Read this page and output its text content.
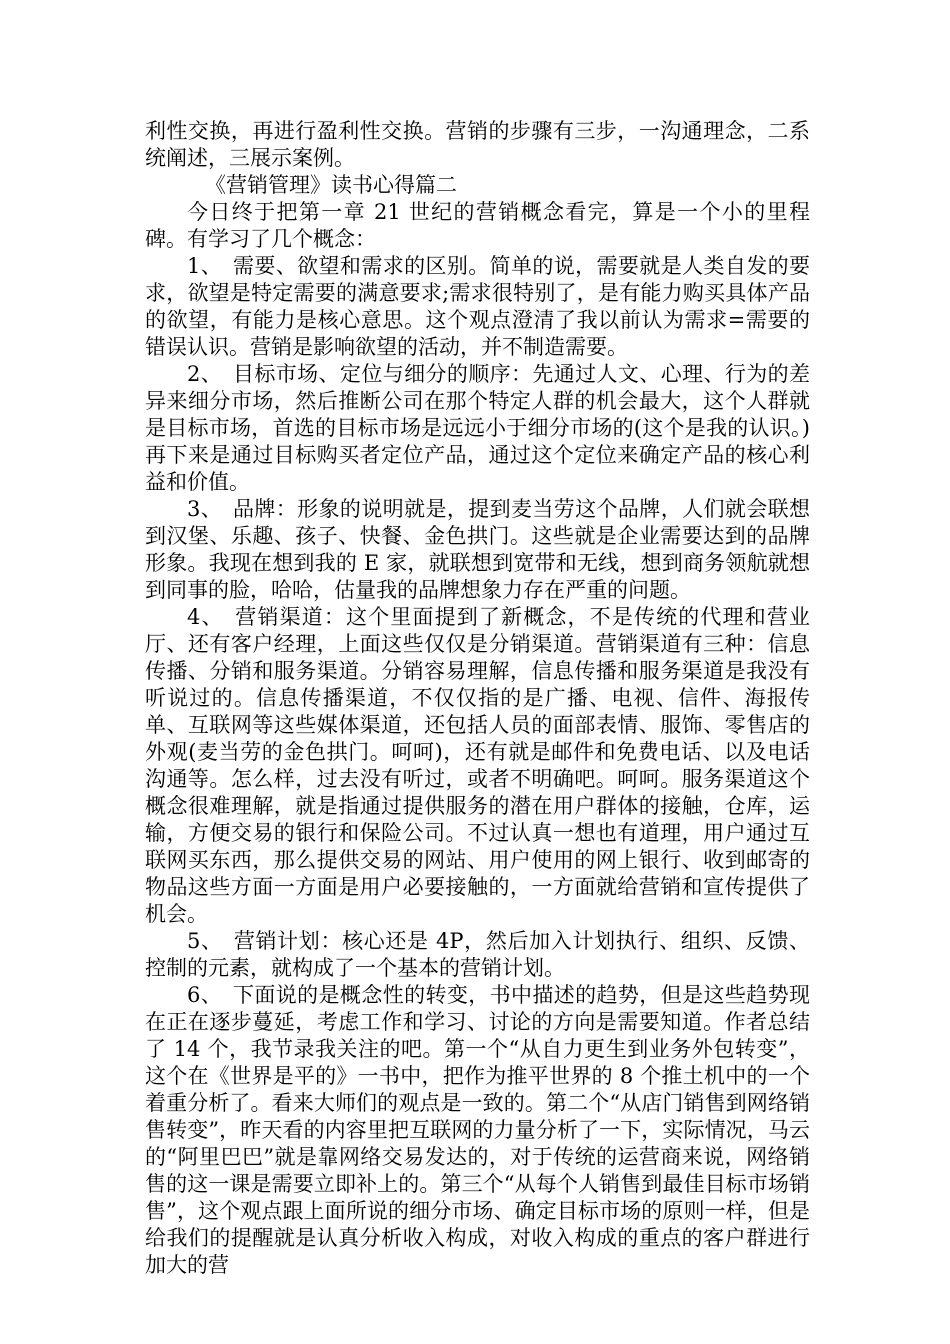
利性交换，再进行盈利性交换。营销的步骤有三步，一沟通理念，二系统阐述，三展示案例。

《营销管理》读书心得篇二

今日终于把第一章 21 世纪的营销概念看完，算是一个小的里程碑。有学习了几个概念：

1、　需要、欲望和需求的区别。简单的说，需要就是人类自发的要求，欲望是特定需要的满意要求;需求很特别了，是有能力购买具体产品的欲望，有能力是核心意思。这个观点澄清了我以前认为需求=需要的错误认识。营销是影响欲望的活动，并不制造需要。

2、　目标市场、定位与细分的顺序：先通过人文、心理、行为的差异来细分市场，然后推断公司在那个特定人群的机会最大，这个人群就是目标市场，首选的目标市场是远远小于细分市场的(这个是我的认识。)再下来是通过目标购买者定位产品，通过这个定位来确定产品的核心利益和价值。

3、　品牌：形象的说明就是，提到麦当劳这个品牌，人们就会联想到汉堡、乐趣、孩子、快餐、金色拱门。这些就是企业需要达到的品牌形象。我现在想到我的 E 家，就联想到宽带和无线，想到商务领航就想到同事的脸，哈哈，估量我的品牌想象力存在严重的问题。

4、　营销渠道：这个里面提到了新概念，不是传统的代理和营业厅、还有客户经理，上面这些仅仅是分销渠道。营销渠道有三种：信息传播、分销和服务渠道。分销容易理解，信息传播和服务渠道是我没有听说过的。信息传播渠道，不仅仅指的是广播、电视、信件、海报传单、互联网等这些媒体渠道，还包括人员的面部表情、服饰、零售店的外观(麦当劳的金色拱门。呵呵)，还有就是邮件和免费电话、以及电话沟通等。怎么样，过去没有听过，或者不明确吧。呵呵。服务渠道这个概念很难理解，就是指通过提供服务的潜在用户群体的接触，仓库，运输，方便交易的银行和保险公司。不过认真一想也有道理，用户通过互联网买东西，那么提供交易的网站、用户使用的网上银行、收到邮寄的物品这些方面一方面是用户必要接触的，一方面就给营销和宣传提供了机会。

5、　营销计划：核心还是 4P，然后加入计划执行、组织、反馈、控制的元素，就构成了一个基本的营销计划。

6、　下面说的是概念性的转变，书中描述的趋势，但是这些趋势现在正在逐步蔓延，考虑工作和学习、讨论的方向是需要知道。作者总结了 14 个，我节录我关注的吧。第一个“从自力更生到业务外包转变”，这个在《世界是平的》一书中，把作为推平世界的 8 个推土机中的一个着重分析了。看来大师们的观点是一致的。第二个“从店门销售到网络销售转变”，昨天看的内容里把互联网的力量分析了一下，实际情况，马云的“阿里巴巴”就是靠网络交易发达的，对于传统的运营商来说，网络销售的这一课是需要立即补上的。第三个“从每个人销售到最佳目标市场销售”，这个观点跟上面所说的细分市场、确定目标市场的原则一样，但是给我们的提醒就是认真分析收入构成，对收入构成的重点的客户群进行加大的营
